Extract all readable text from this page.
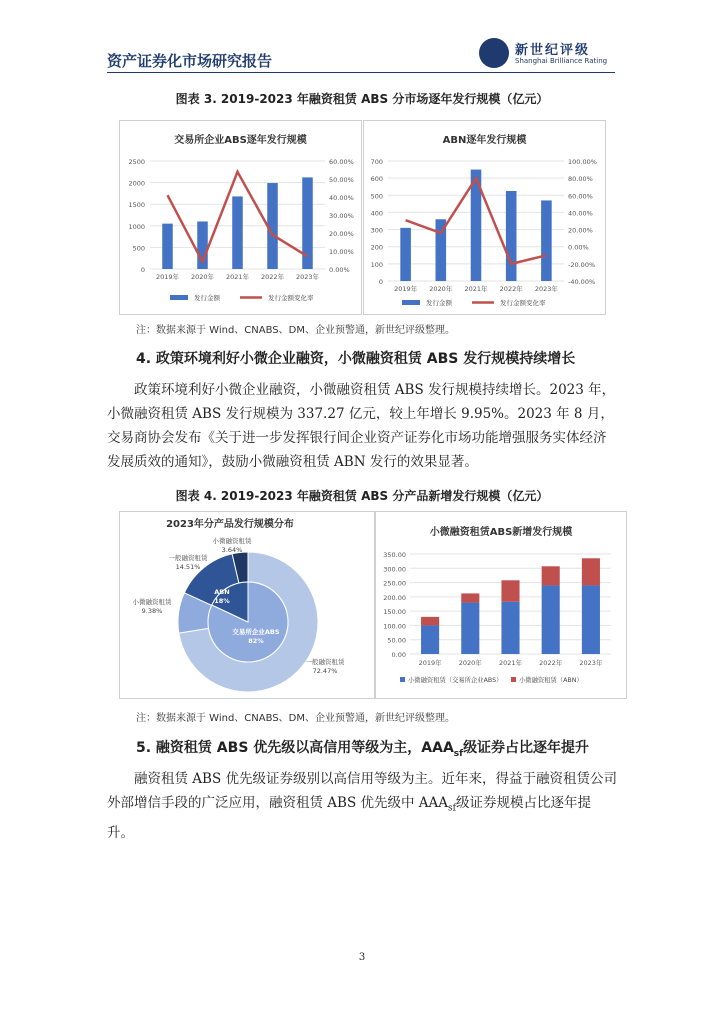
资产证券化市场研究报告
新世纪评级
Shanghai Brilliance Rating
图表 3. 2019-2023 年融资租赁 ABS 分市场逐年发行规模（亿元）
交易所企业ABS逐年发行规模
0
500
1000
1500
2000
2500
0.00%
10.00%
20.00%
30.00%
40.00%
50.00%
60.00%
2019年 2020年 2021年 2022年 2023年
发行金额	发行金额变化率
ABN逐年发行规模
0
100
200
300
400
500
600
700
-40.00%
-20.00%
0.00%
20.00%
40.00%
60.00%
80.00%
100.00%
2019年 2020年 2021年 2022年 2023年
发行金额	发行金额变化率
注：数据来源于 Wind、CNABS、DM、企业预警通，新世纪评级整理。
4. 政策环境利好小微企业融资，小微融资租赁 ABS 发行规模持续增长
政策环境利好小微企业融资，小微融资租赁 ABS 发行规模持续增长。2023 年，小微融资租赁 ABS 发行规模为 337.27 亿元，较上年增长 9.95%。2023 年 8 月，交易商协会发布《关于进一步发挥银行间企业资产证券化市场功能增强服务实体经济发展质效的通知》，鼓励小微融资租赁 ABN 发行的效果显著。
图表 4. 2019-2023 年融资租赁 ABS 分产品新增发行规模（亿元）
2023年分产品发行规模分布
一般融资租赁 72.47%
小微融资租赁 9.38%
一般融资租赁 14.51%
小微融资租赁 3.64%
交易所企业ABS 82%
ABN 18%
小微融资租赁ABS新增发行规模
0.00
50.00
100.00
150.00
200.00
250.00
300.00
350.00
2019年	2020年	2021年	2022年	2023年
小微融资租赁（交易所企业ABS）	小微融资租赁（ABN）
注：数据来源于 Wind、CNABS、DM、企业预警通，新世纪评级整理。
5. 融资租赁 ABS 优先级以高信用等级为主，$AAA_{sf}$级证券占比逐年提升
融资租赁 ABS 优先级证券级别以高信用等级为主。近年来，得益于融资租赁公司外部增信手段的广泛应用，融资租赁 ABS 优先级中 $AAA_{sf}$级证券规模占比逐年提升。
3
